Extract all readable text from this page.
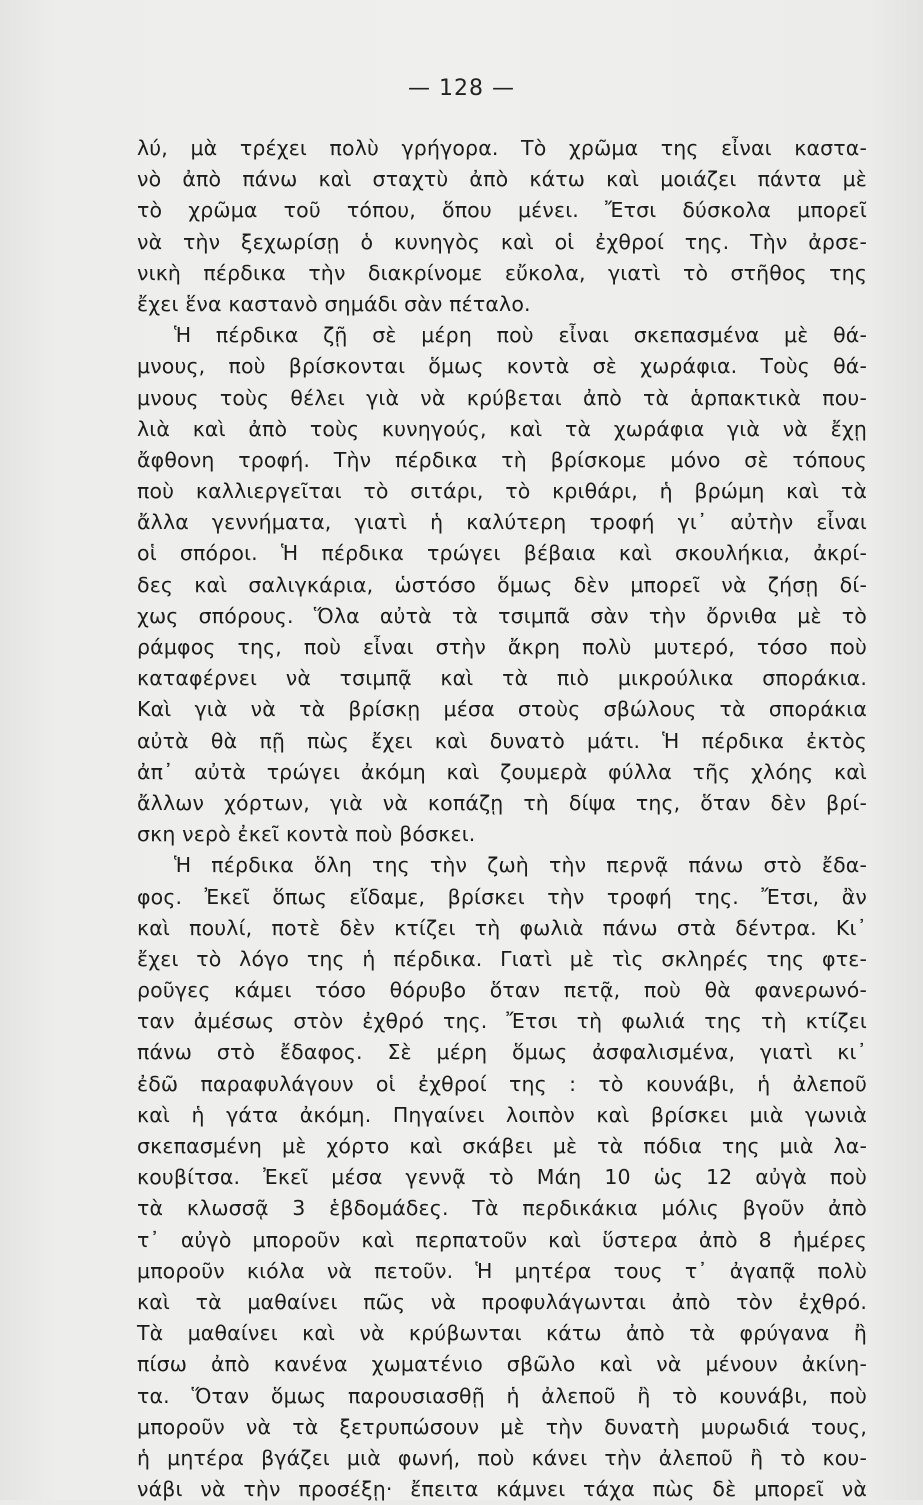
— 128 —
λύ, μὰ τρέχει πολὺ γρήγορα. Τὸ χρῶμα της εἶναι καστα-
νὸ ἀπὸ πάνω καὶ σταχτὺ ἀπὸ κάτω καὶ μοιάζει πάντα μὲ
τὸ χρῶμα τοῦ τόπου, ὅπου μένει. Ἔτσι δύσκολα μπορεῖ
νὰ τὴν ξεχωρίσῃ ὁ κυνηγὸς καὶ οἱ ἐχθροί της. Τὴν ἀρσε-
νικὴ πέρδικα τὴν διακρίνομε εὔκολα, γιατὶ τὸ στῆθος της
ἔχει ἕνα καστανὸ σημάδι σὰν πέταλο.
Ἡ πέρδικα ζῇ σὲ μέρη ποὺ εἶναι σκεπασμένα μὲ θά-
μνους, ποὺ βρίσκονται ὅμως κοντὰ σὲ χωράφια. Τοὺς θά-
μνους τοὺς θέλει γιὰ νὰ κρύβεται ἀπὸ τὰ ἁρπακτικὰ που-
λιὰ καὶ ἀπὸ τοὺς κυνηγούς, καὶ τὰ χωράφια γιὰ νὰ ἔχῃ
ἄφθονη τροφή. Τὴν πέρδικα τὴ βρίσκομε μόνο σὲ τόπους
ποὺ καλλιεργεῖται τὸ σιτάρι, τὸ κριθάρι, ἡ βρώμη καὶ τὰ
ἄλλα γεννήματα, γιατὶ ἡ καλύτερη τροφή γι᾽ αὐτὴν εἶναι
οἱ σπόροι. Ἡ πέρδικα τρώγει βέβαια καὶ σκουλήκια, ἀκρί-
δες καὶ σαλιγκάρια, ὡστόσο ὅμως δὲν μπορεῖ νὰ ζήσῃ δί-
χως σπόρους. Ὅλα αὐτὰ τὰ τσιμπᾶ σὰν τὴν ὄρνιθα μὲ τὸ
ράμφος της, ποὺ εἶναι στὴν ἄκρη πολὺ μυτερό, τόσο ποὺ
καταφέρνει νὰ τσιμπᾷ καὶ τὰ πιὸ μικρούλικα σποράκια.
Καὶ γιὰ νὰ τὰ βρίσκῃ μέσα στοὺς σβώλους τὰ σποράκια
αὐτὰ θὰ πῇ πὼς ἔχει καὶ δυνατὸ μάτι. Ἡ πέρδικα ἐκτὸς
ἀπ᾽ αὐτὰ τρώγει ἀκόμη καὶ ζουμερὰ φύλλα τῆς χλόης καὶ
ἄλλων χόρτων, γιὰ νὰ κοπάζῃ τὴ δίψα της, ὅταν δὲν βρί-
σκη νερὸ ἐκεῖ κοντὰ ποὺ βόσκει.
Ἡ πέρδικα ὅλη της τὴν ζωὴ τὴν περνᾷ πάνω στὸ ἔδα-
φος. Ἐκεῖ ὅπως εἴδαμε, βρίσκει τὴν τροφή της. Ἔτσι, ἂν
καὶ πουλί, ποτὲ δὲν κτίζει τὴ φωλιὰ πάνω στὰ δέντρα. Κι᾽
ἔχει τὸ λόγο της ἡ πέρδικα. Γιατὶ μὲ τὶς σκληρές της φτε-
ροῦγες κάμει τόσο θόρυβο ὅταν πετᾷ, ποὺ θὰ φανερωνό-
ταν ἀμέσως στὸν ἐχθρό της. Ἔτσι τὴ φωλιά της τὴ κτίζει
πάνω στὸ ἔδαφος. Σὲ μέρη ὅμως ἀσφαλισμένα, γιατὶ κι᾽
ἐδῶ παραφυλάγουν οἱ ἐχθροί της : τὸ κουνάβι, ἡ ἀλεποῦ
καὶ ἡ γάτα ἀκόμη. Πηγαίνει λοιπὸν καὶ βρίσκει μιὰ γωνιὰ
σκεπασμένη μὲ χόρτο καὶ σκάβει μὲ τὰ πόδια της μιὰ λα-
κουβίτσα. Ἐκεῖ μέσα γεννᾷ τὸ Μάη 10 ὡς 12 αὐγὰ ποὺ
τὰ κλωσσᾷ 3 ἑβδομάδες. Τὰ περδικάκια μόλις βγοῦν ἀπὸ
τ᾽ αὐγὸ μποροῦν καὶ περπατοῦν καὶ ὕστερα ἀπὸ 8 ἡμέρες
μποροῦν κιόλα νὰ πετοῦν. Ἡ μητέρα τους τ᾽ ἀγαπᾷ πολὺ
καὶ τὰ μαθαίνει πῶς νὰ προφυλάγωνται ἀπὸ τὸν ἐχθρό.
Τὰ μαθαίνει καὶ νὰ κρύβωνται κάτω ἀπὸ τὰ φρύγανα ἢ
πίσω ἀπὸ κανένα χωματένιο σβῶλο καὶ νὰ μένουν ἀκίνη-
τα. Ὅταν ὅμως παρουσιασθῇ ἡ ἀλεποῦ ἢ τὸ κουνάβι, ποὺ
μποροῦν νὰ τὰ ξετρυπώσουν μὲ τὴν δυνατὴ μυρωδιά τους,
ἡ μητέρα βγάζει μιὰ φωνή, ποὺ κάνει τὴν ἀλεποῦ ἢ τὸ κου-
νάβι νὰ τὴν προσέξῃ· ἔπειτα κάμνει τάχα πὼς δὲ μπορεῖ νὰ
